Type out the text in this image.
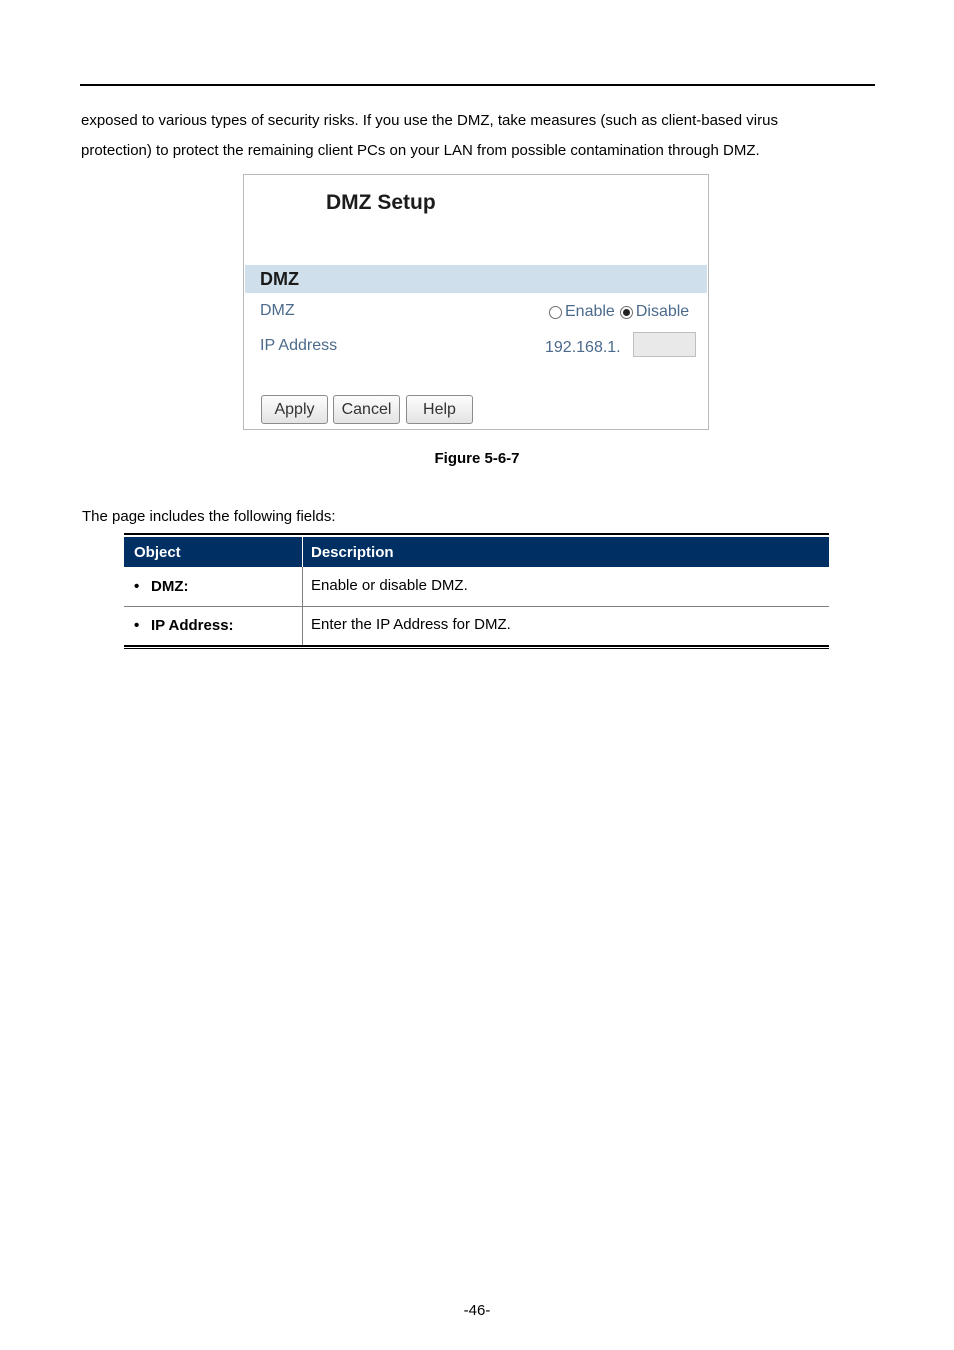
exposed to various types of security risks. If you use the DMZ, take measures (such as client-based virus

protection) to protect the remaining client PCs on your LAN from possible contamination through DMZ.

DMZ Setup
DMZ
DMZ	Enable Disable
IP Address	192.168.1.
Apply	Cancel	Help
Figure 5-6-7
The page includes the following fields:
Object	Description
• DMZ:	Enable or disable DMZ.
• IP Address:	Enter the IP Address for DMZ.
-46-
